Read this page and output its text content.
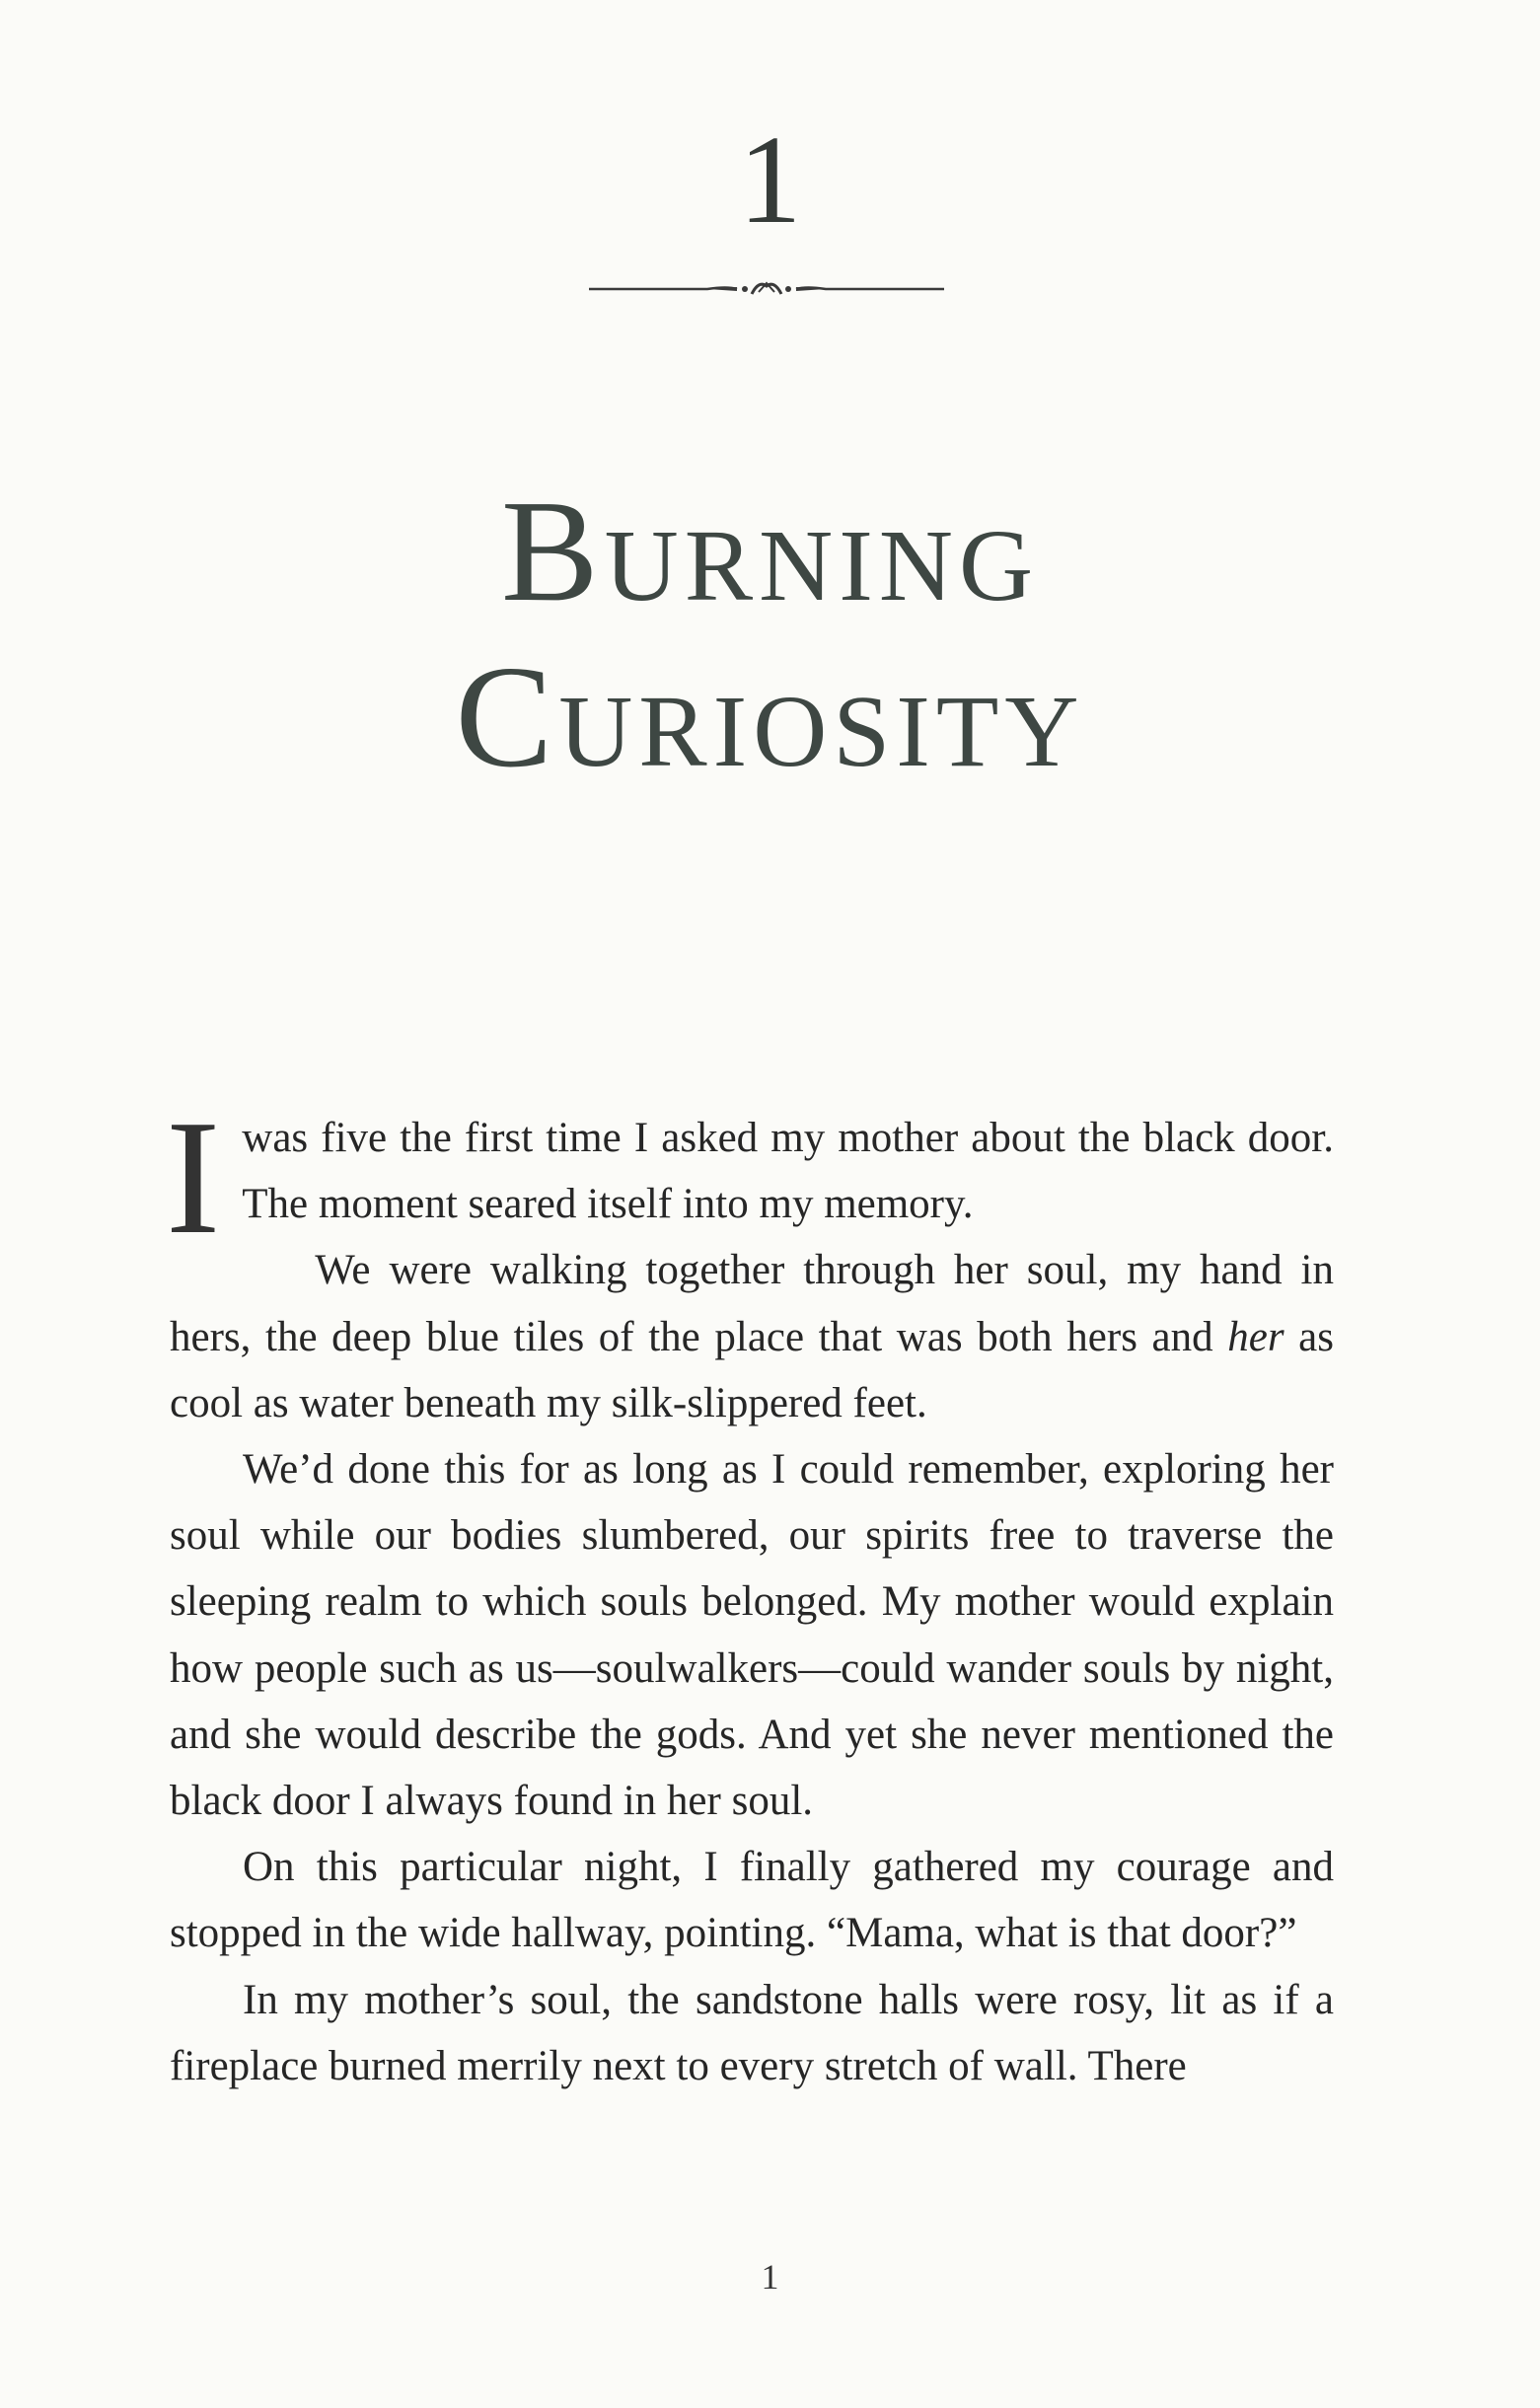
1
Burning
Curiosity

I was five the first time I asked my mother about the black door. The moment seared itself into my memory.

We were walking together through her soul, my hand in hers, the deep blue tiles of the place that was both hers and her as cool as water beneath my silk-slippered feet.

We’d done this for as long as I could remember, exploring her soul while our bodies slumbered, our spirits free to traverse the sleeping realm to which souls belonged. My mother would explain how people such as us—soulwalkers—could wander souls by night, and she would describe the gods. And yet she never mentioned the black door I always found in her soul.

On this particular night, I finally gathered my courage and stopped in the wide hallway, pointing. “Mama, what is that door?”

In my mother’s soul, the sandstone halls were rosy, lit as if a fireplace burned merrily next to every stretch of wall. There

1
